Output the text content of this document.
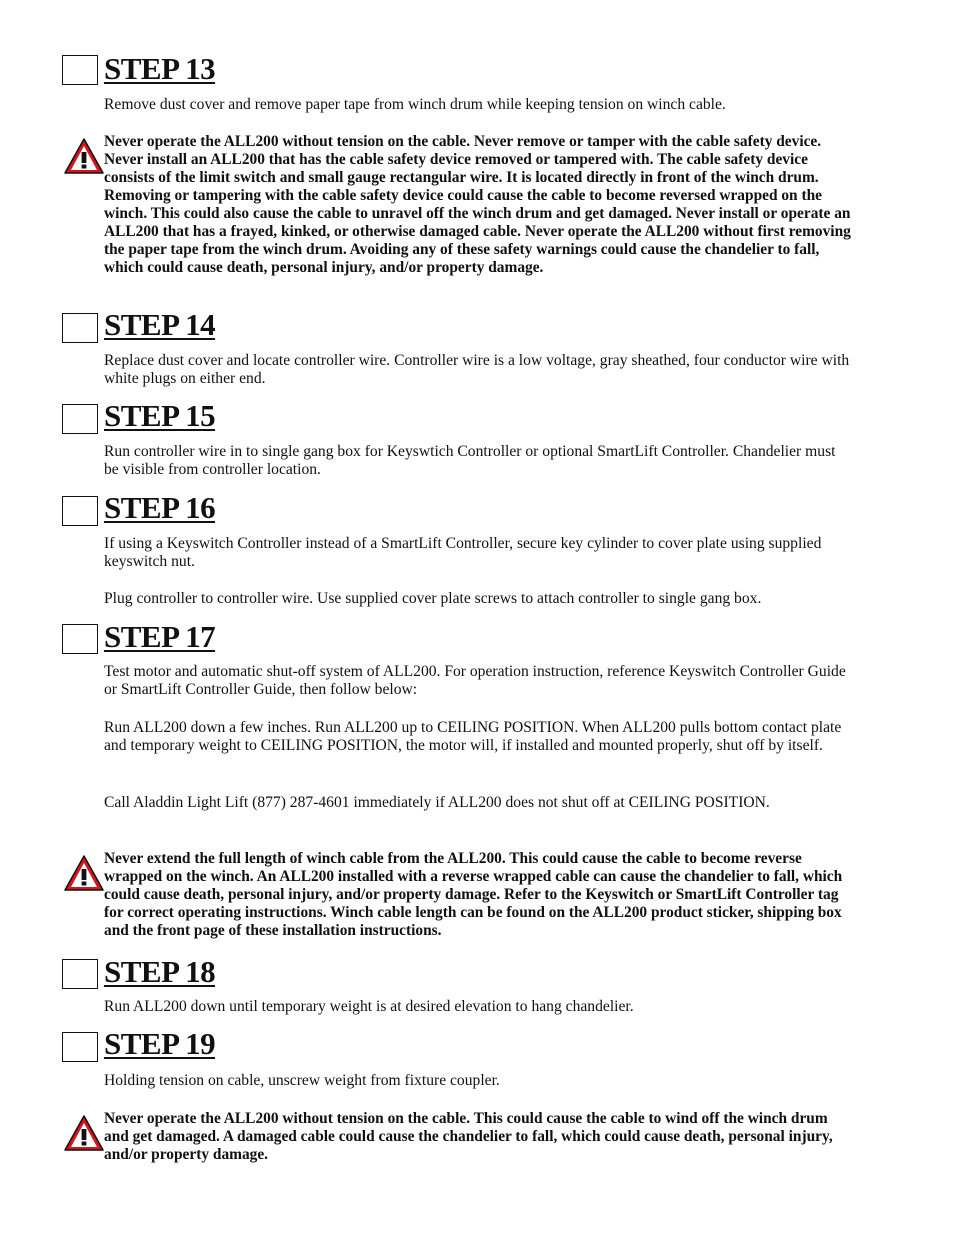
STEP 13

Remove dust cover and remove paper tape from winch drum while keeping tension on winch cable.

Never operate the ALL200 without tension on the cable. Never remove or tamper with the cable safety device. Never install an ALL200 that has the cable safety device removed or tampered with. The cable safety device consists of the limit switch and small gauge rectangular wire. It is located directly in front of the winch drum. Removing or tampering with the cable safety device could cause the cable to become reversed wrapped on the winch. This could also cause the cable to unravel off the winch drum and get damaged. Never install or operate an ALL200 that has a frayed, kinked, or otherwise damaged cable. Never operate the ALL200 without first removing the paper tape from the winch drum. Avoiding any of these safety warnings could cause the chandelier to fall, which could cause death, personal injury, and/or property damage.

STEP 14

Replace dust cover and locate controller wire. Controller wire is a low voltage, gray sheathed, four conductor wire with white plugs on either end.

STEP 15

Run controller wire in to single gang box for Keyswtich Controller or optional SmartLift Controller. Chandelier must be visible from controller location.

STEP 16

If using a Keyswitch Controller instead of a SmartLift Controller, secure key cylinder to cover plate using supplied keyswitch nut.

Plug controller to controller wire. Use supplied cover plate screws to attach controller to single gang box.

STEP 17

Test motor and automatic shut-off system of ALL200. For operation instruction, reference Keyswitch Controller Guide or SmartLift Controller Guide, then follow below:

Run ALL200 down a few inches. Run ALL200 up to CEILING POSITION. When ALL200 pulls bottom contact plate and temporary weight to CEILING POSITION, the motor will, if installed and mounted properly, shut off by itself.

Call Aladdin Light Lift (877) 287-4601 immediately if ALL200 does not shut off at CEILING POSITION.

Never extend the full length of winch cable from the ALL200. This could cause the cable to become reverse wrapped on the winch. An ALL200 installed with a reverse wrapped cable can cause the chandelier to fall, which could cause death, personal injury, and/or property damage. Refer to the Keyswitch or SmartLift Controller tag for correct operating instructions. Winch cable length can be found on the ALL200 product sticker, shipping box and the front page of these installation instructions.

STEP 18

Run ALL200 down until temporary weight is at desired elevation to hang chandelier.

STEP 19

Holding tension on cable, unscrew weight from fixture coupler.

Never operate the ALL200 without tension on the cable. This could cause the cable to wind off the winch drum and get damaged. A damaged cable could cause the chandelier to fall, which could cause death, personal injury, and/or property damage.
